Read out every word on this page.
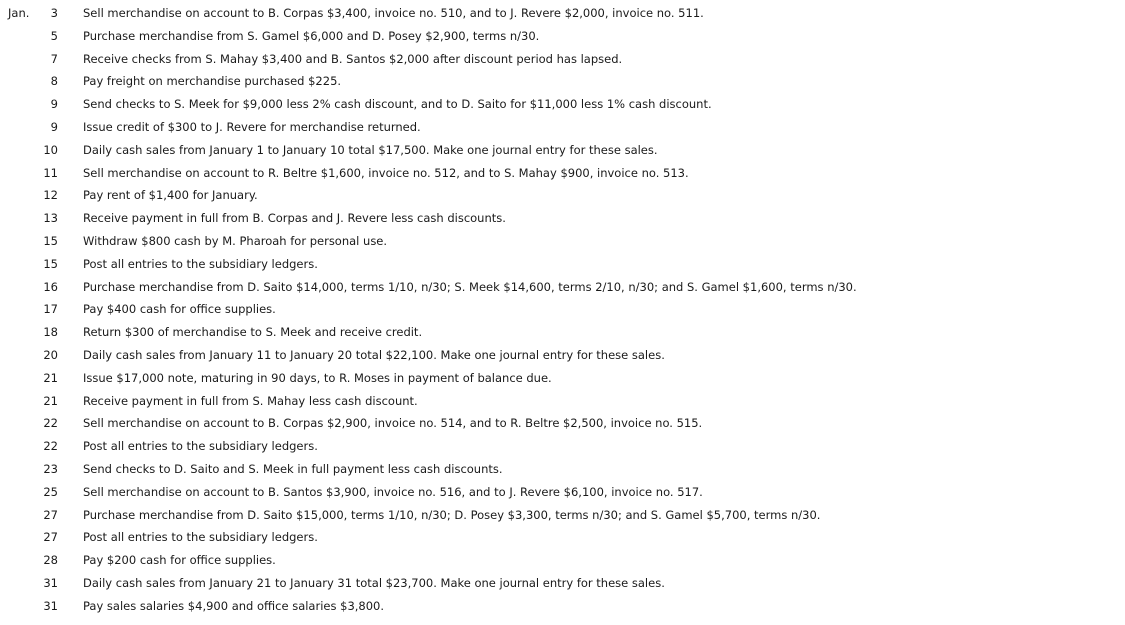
Jan.	3 Sell merchandise on account to B. Corpas $3,400, invoice no. 510, and to J. Revere $2,000, invoice no. 511.
5 Purchase merchandise from S. Gamel $6,000 and D. Posey $2,900, terms n/30.
7 Receive checks from S. Mahay $3,400 and B. Santos $2,000 after discount period has lapsed.
8 Pay freight on merchandise purchased $225.
9 Send checks to S. Meek for $9,000 less 2% cash discount, and to D. Saito for $11,000 less 1% cash discount.
9 Issue credit of $300 to J. Revere for merchandise returned.
10 Daily cash sales from January 1 to January 10 total $17,500. Make one journal entry for these sales.
11 Sell merchandise on account to R. Beltre $1,600, invoice no. 512, and to S. Mahay $900, invoice no. 513.
12 Pay rent of $1,400 for January.
13 Receive payment in full from B. Corpas and J. Revere less cash discounts.
15 Withdraw $800 cash by M. Pharoah for personal use.
15 Post all entries to the subsidiary ledgers.
16 Purchase merchandise from D. Saito $14,000, terms 1/10, n/30; S. Meek $14,600, terms 2/10, n/30; and S. Gamel $1,600, terms n/30.
17 Pay $400 cash for office supplies.
18 Return $300 of merchandise to S. Meek and receive credit.
20 Daily cash sales from January 11 to January 20 total $22,100. Make one journal entry for these sales.
21 Issue $17,000 note, maturing in 90 days, to R. Moses in payment of balance due.
21 Receive payment in full from S. Mahay less cash discount.
22 Sell merchandise on account to B. Corpas $2,900, invoice no. 514, and to R. Beltre $2,500, invoice no. 515.
22 Post all entries to the subsidiary ledgers.
23 Send checks to D. Saito and S. Meek in full payment less cash discounts.
25 Sell merchandise on account to B. Santos $3,900, invoice no. 516, and to J. Revere $6,100, invoice no. 517.
27 Purchase merchandise from D. Saito $15,000, terms 1/10, n/30; D. Posey $3,300, terms n/30; and S. Gamel $5,700, terms n/30.
27 Post all entries to the subsidiary ledgers.
28 Pay $200 cash for office supplies.
31 Daily cash sales from January 21 to January 31 total $23,700. Make one journal entry for these sales.
31 Pay sales salaries $4,900 and office salaries $3,800.
